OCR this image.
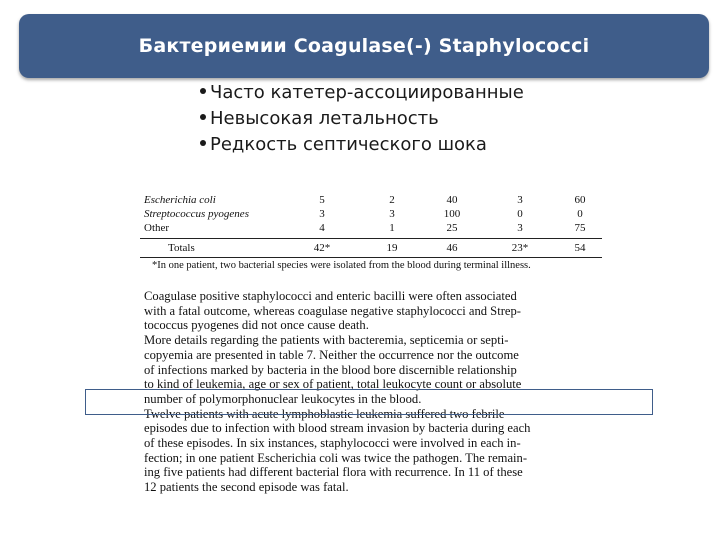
Бактериемии Coagulase(-) Staphylococci
Часто катетер-ассоциированные
Невысокая летальность
Редкость септического шока
Escherichia coli	5	2	40	3	60
Streptococcus pyogenes	3	3	100	0	0
Other	4	1	25	3	75
Totals	42*	19	46	23*	54
*In one patient, two bacterial species were isolated from the blood during terminal illness.

Coagulase positive staphylococci and enteric bacilli were often associated

with a fatal outcome, whereas coagulase negative staphylococci and Strep-

tococcus pyogenes did not once cause death.

More details regarding the patients with bacteremia, septicemia or septi-

copyemia are presented in table 7. Neither the occurrence nor the outcome

of infections marked by bacteria in the blood bore discernible relationship

to kind of leukemia, age or sex of patient, total leukocyte count or absolute

number of polymorphonuclear leukocytes in the blood.

Twelve patients with acute lymphoblastic leukemia suffered two febrile

episodes due to infection with blood stream invasion by bacteria during each

of these episodes. In six instances, staphylococci were involved in each in-

fection; in one patient Escherichia coli was twice the pathogen. The remain-

ing five patients had different bacterial flora with recurrence. In 11 of these

12 patients the second episode was fatal.
